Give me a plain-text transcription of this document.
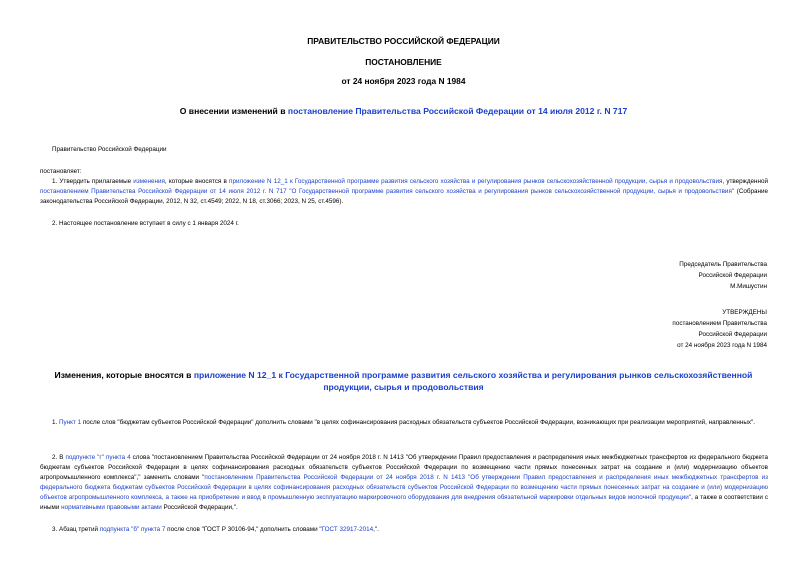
ПРАВИТЕЛЬСТВО РОССИЙСКОЙ ФЕДЕРАЦИИ
ПОСТАНОВЛЕНИЕ
от 24 ноября 2023 года N 1984
О внесении изменений в постановление Правительства Российской Федерации от 14 июля 2012 г. N 717
Правительство Российской Федерации
постановляет:
1. Утвердить прилагаемые изменения, которые вносятся в приложение N 12_1 к Государственной программе развития сельского хозяйства и регулирования рынков сельскохозяйственной продукции, сырья и продовольствия, утвержденной постановлением Правительства Российской Федерации от 14 июля 2012 г. N 717 "О Государственной программе развития сельского хозяйства и регулирования рынков сельскохозяйственной продукции, сырья и продовольствия" (Собрание законодательства Российской Федерации, 2012, N 32, ст.4549; 2022, N 18, ст.3066; 2023, N 25, ст.4596).
2. Настоящее постановление вступает в силу с 1 января 2024 г.
Председатель Правительства
Российской Федерации
М.Мишустин
УТВЕРЖДЕНЫ
постановлением Правительства
Российской Федерации
от 24 ноября 2023 года N 1984
Изменения, которые вносятся в приложение N 12_1 к Государственной программе развития сельского хозяйства и регулирования рынков сельскохозяйственной продукции, сырья и продовольствия
1. Пункт 1 после слов "бюджетам субъектов Российской Федерации" дополнить словами "в целях софинансирования расходных обязательств субъектов Российской Федерации, возникающих при реализации мероприятий, направленных".
2. В подпункте "г" пункта 4 слова "постановлением Правительства Российской Федерации от 24 ноября 2018 г. N 1413 "Об утверждении Правил предоставления и распределения иных межбюджетных трансфертов из федерального бюджета бюджетам субъектов Российской Федерации в целях софинансирования расходных обязательств субъектов Российской Федерации по возмещению части прямых понесенных затрат на создание и (или) модернизацию объектов агропромышленного комплекса"," заменить словами "постановлением Правительства Российской Федерации от 24 ноября 2018 г. N 1413 "Об утверждении Правил предоставления и распределения иных межбюджетных трансфертов из федерального бюджета бюджетам субъектов Российской Федерации в целях софинансирования расходных обязательств субъектов Российской Федерации по возмещению части прямых понесенных затрат на создание и (или) модернизацию объектов агропромышленного комплекса, а также на приобретение и ввод в промышленную эксплуатацию маркировочного оборудования для внедрения обязательной маркировки отдельных видов молочной продукции", а также в соответствии с иными нормативными правовыми актами Российской Федерации,".
3. Абзац третий подпункта "б" пункта 7 после слов "ГОСТ Р 30106-94," дополнить словами "ГОСТ 32917-2014,".
